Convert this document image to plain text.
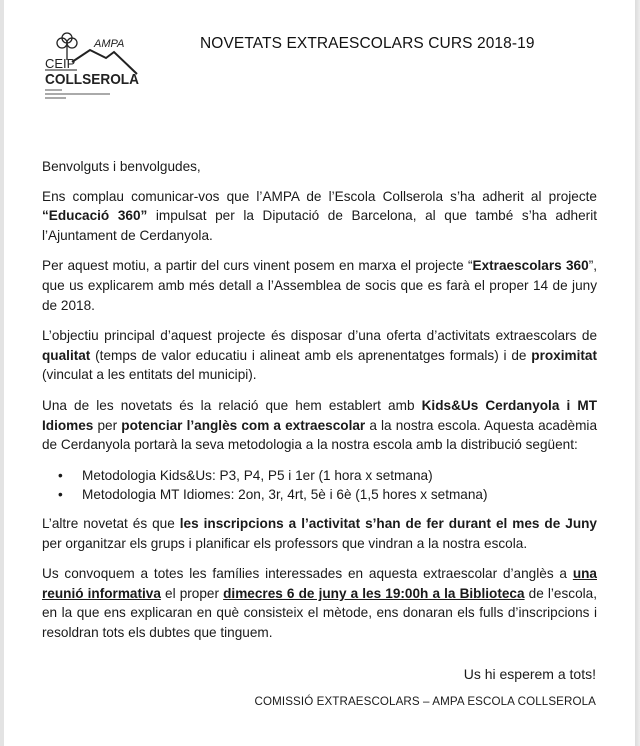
AMPA
CEIP
COLLSEROLA
NOVETATS EXTRAESCOLARS CURS 2018-19

Benvolguts i benvolgudes,

Ens complau comunicar-vos que l’AMPA de l’Escola Collserola s’ha adherit al projecte “Educació 360” impulsat per la Diputació de Barcelona, al que també s’ha adherit l’Ajuntament de Cerdanyola.

Per aquest motiu, a partir del curs vinent posem en marxa el projecte “Extraescolars 360”, que us explicarem amb més detall a l’Assemblea de socis que es farà el proper 14 de juny de 2018.

L’objectiu principal d’aquest projecte és disposar d’una oferta d’activitats extraescolars de qualitat (temps de valor educatiu i alineat amb els aprenentatges formals) i de proximitat (vinculat a les entitats del municipi).

Una de les novetats és la relació que hem establert amb Kids&Us Cerdanyola i MT Idiomes per potenciar l’anglès com a extraescolar a la nostra escola. Aquesta acadèmia de Cerdanyola portarà la seva metodologia a la nostra escola amb la distribució següent:

• Metodologia Kids&Us: P3, P4, P5 i 1er (1 hora x setmana)
• Metodologia MT Idiomes: 2on, 3r, 4rt, 5è i 6è (1,5 hores x setmana)

L’altre novetat és que les inscripcions a l’activitat s’han de fer durant el mes de Juny per organitzar els grups i planificar els professors que vindran a la nostra escola.

Us convoquem a totes les famílies interessades en aquesta extraescolar d’anglès a una reunió informativa el proper dimecres 6 de juny a les 19:00h a la Biblioteca de l’escola, en la que ens explicaran en què consisteix el mètode, ens donaran els fulls d’inscripcions i resoldran tots els dubtes que tinguem.

Us hi esperem a tots!
COMISSIÓ EXTRAESCOLARS – AMPA ESCOLA COLLSEROLA
